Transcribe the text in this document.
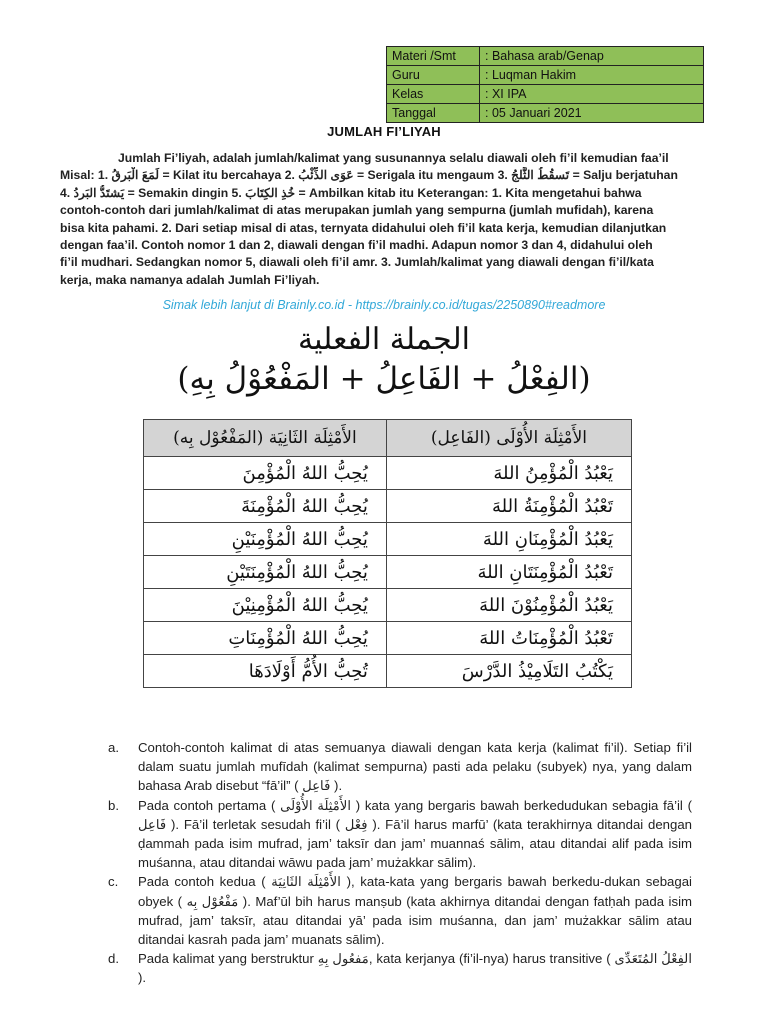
Materi /Smt	: Bahasa arab/Genap
Guru	: Luqman Hakim
Kelas	: XI IPA
Tanggal	: 05 Januari 2021
JUMLAH FI’LIYAH
Jumlah Fi’liyah, adalah jumlah/kalimat yang susunannya selalu diawali oleh fi’il kemudian faa’il
Misal: 1. لَمَعَ الْبَرقُ = Kilat itu bercahaya 2. عَوَى الذِّئْبُ = Serigala itu mengaum 3. تَسقُطُ الثَّلجُ = Salju berjatuhan
4. يَشتَدُّ البَردُ = Semakin dingin 5. خُذِ الكِتَابَ = Ambilkan kitab itu Keterangan: 1. Kita mengetahui bahwa
contoh-contoh dari jumlah/kalimat di atas merupakan jumlah yang sempurna (jumlah mufidah), karena
bisa kita pahami. 2. Dari setiap misal di atas, ternyata didahului oleh fi’il kata kerja, kemudian dilanjutkan
dengan faa’il. Contoh nomor 1 dan 2, diawali dengan fi’il madhi. Adapun nomor 3 dan 4, didahului oleh
fi’il mudhari. Sedangkan nomor 5, diawali oleh fi’il amr. 3. Jumlah/kalimat yang diawali dengan fi’il/kata
kerja, maka namanya adalah Jumlah Fi’liyah.
Simak lebih lanjut di Brainly.co.id - https://brainly.co.id/tugas/2250890#readmore
الجملة الفعلية
(الفِعْلُ + الفَاعِلُ + المَفْعُوْلُ بِهِ)
الأَمْثِلَة الأُوْلَى (الفَاعِل)	الأَمْثِلَة الثَانِيَة (المَفْعُوْل بِه)
يَعْبُدُ الْمُؤْمِنُ اللهَ	يُحِبُّ اللهُ الْمُؤْمِنَ
تَعْبُدُ الْمُؤْمِنَةُ اللهَ	يُحِبُّ اللهُ الْمُؤْمِنَةَ
يَعْبُدُ الْمُؤْمِنَانِ اللهَ	يُحِبُّ اللهُ الْمُؤْمِنَيْنِ
تَعْبُدُ الْمُؤْمِنَتَانِ اللهَ	يُحِبُّ اللهُ الْمُؤْمِنَتَيْنِ
يَعْبُدُ الْمُؤْمِنُوْنَ اللهَ	يُحِبُّ اللهُ الْمُؤْمِنِيْنَ
تَعْبُدُ الْمُؤْمِنَاتُ اللهَ	يُحِبُّ اللهُ الْمُؤْمِنَاتِ
يَكْتُبُ التَلَامِيْذُ الدَّرْسَ	تُحِبُّ الأُمُّ أَوْلَادَهَا
a. Contoh-contoh kalimat di atas semuanya diawali dengan kata kerja (kalimat fi’il). Setiap fi’il dalam suatu jumlah mufīdah (kalimat sempurna) pasti ada pelaku (subyek) nya, yang dalam bahasa Arab disebut “fā’il” ( فَاعِل ).
b. Pada contoh pertama ( الأَمْثِلَة الأُوْلَى ) kata yang bergaris bawah berkedudukan sebagia fā’il ( فَاعِل ). Fā’il terletak sesudah fi’il ( فِعْل ). Fā’il harus marfū’ (kata terakhirnya ditandai dengan ḍammah pada isim mufrad, jam’ taksīr dan jam’ muannaś sālim, atau ditandai alif pada isim muśanna, atau ditandai wāwu pada jam’ mużakkar sālim).
c. Pada contoh kedua ( الأَمْثِلَة الثَانِيَة ), kata-kata yang bergaris bawah berkedu-dukan sebagai obyek ( مَفْعُوْل بِه ). Maf’ūl bih harus manṣub (kata akhirnya ditandai dengan fatḥah pada isim mufrad, jam’ taksīr, atau ditandai yā’ pada isim muśanna, dan jam’ mużakkar sālim atau ditandai kasrah pada jam’ muanats sālim).
d. Pada kalimat yang berstruktur مَفعُول بِهِ, kata kerjanya (fi’il-nya) harus transitive ( الفِعْلُ المُتَعَدِّى ).
